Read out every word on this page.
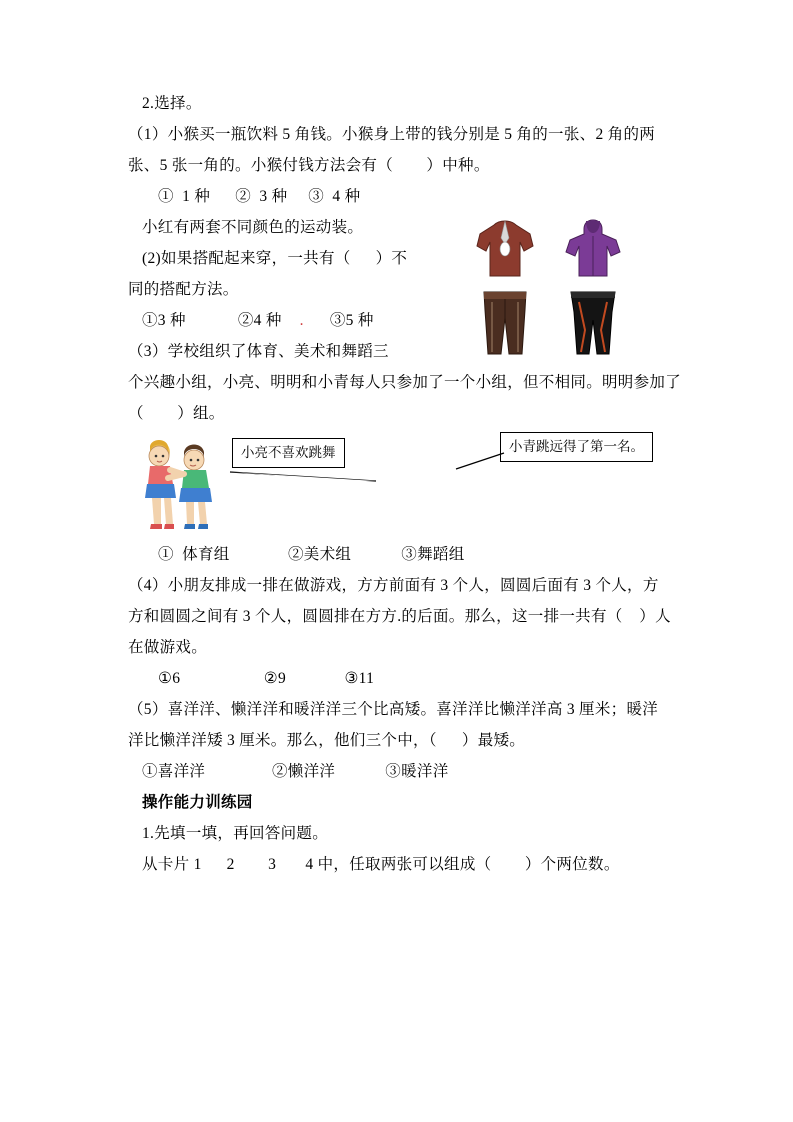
2.选择。
（1）小猴买一瓶饮料 5 角钱。小猴身上带的钱分别是 5 角的一张、2 角的两
张、5 张一角的。小猴付钱方法会有（        ）中种。
①  1 种      ②  3 种     ③  4 种
小红有两套不同颜色的运动装。
(2)如果搭配起来穿，一共有（      ）不
同的搭配方法。
①3 种	②4 种 . ③5 种
（3）学校组织了体育、美术和舞蹈三
个兴趣小组，小亮、明明和小青每人只参加了一个小组，但不相同。明明参加了
（        ）组。

①  体育组              ②美术组            ③舞蹈组
（4）小朋友排成一排在做游戏，方方前面有 3 个人，圆圆后面有 3 个人，方
方和圆圆之间有 3 个人，圆圆排在方方.的后面。那么，这一排一共有（    ）人
在做游戏。
①6                    ②9              ③11
（5）喜洋洋、懒洋洋和暖洋洋三个比高矮。喜洋洋比懒洋洋高 3 厘米；暖洋
洋比懒洋洋矮 3 厘米。那么，他们三个中，（      ）最矮。
①喜洋洋                ②懒洋洋            ③暖洋洋
操作能力训练园
1.先填一填，再回答问题。
从卡片 1      2        3       4 中，任取两张可以组成（        ）个两位数。
小亮不喜欢跳舞	小青跳远得了第一名。
